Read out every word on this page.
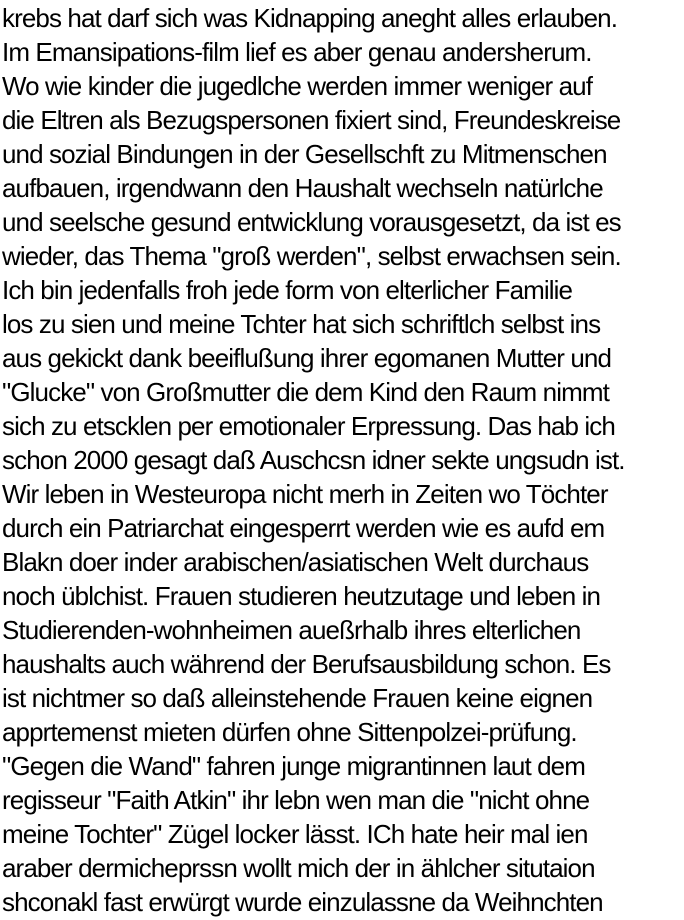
krebs hat darf sich was Kidnapping aneght alles erlauben.
Im Emansipations-film lief es aber genau andersherum.
Wo wie kinder die jugedlche werden immer weniger auf
die Eltren als Bezugspersonen fixiert sind, Freundeskreise
und sozial Bindungen in der Gesellschft zu Mitmenschen
aufbauen, irgendwann den Haushalt wechseln natürlche
und seelsche gesund entwicklung vorausgesetzt, da ist es
wieder, das Thema "groß werden", selbst erwachsen sein.
Ich bin jedenfalls froh jede form von elterlicher Familie
los zu sien und meine Tchter hat sich schriftlch selbst ins
aus gekickt dank beeiflußung ihrer egomanen Mutter und
"Glucke" von Großmutter die dem Kind den Raum nimmt
sich zu etscklen per emotionaler Erpressung. Das hab ich
schon 2000 gesagt daß Auschcsn idner sekte ungsudn ist.
Wir leben in Westeuropa nicht merh in Zeiten wo Töchter
durch ein Patriarchat eingesperrt werden wie es aufd em
Blakn doer inder arabischen/asiatischen Welt durchaus
noch üblchist. Frauen studieren heutzutage und leben in
Studierenden-wohnheimen aueßrhalb ihres elterlichen
haushalts auch während der Berufsausbildung schon. Es
ist nichtmer so daß alleinstehende Frauen keine eignen
apprtemenst mieten dürfen ohne Sittenpolzei-prüfung.
"Gegen die Wand" fahren junge migrantinnen laut dem
regisseur "Faith Atkin" ihr lebn wen man die "nicht ohne
meine Tochter" Zügel locker lässt. ICh hate heir mal ien
araber dermicheprssn wollt mich der in ählcher situtaion
shconakl fast erwürgt wurde einzulassne da Weihnchten
